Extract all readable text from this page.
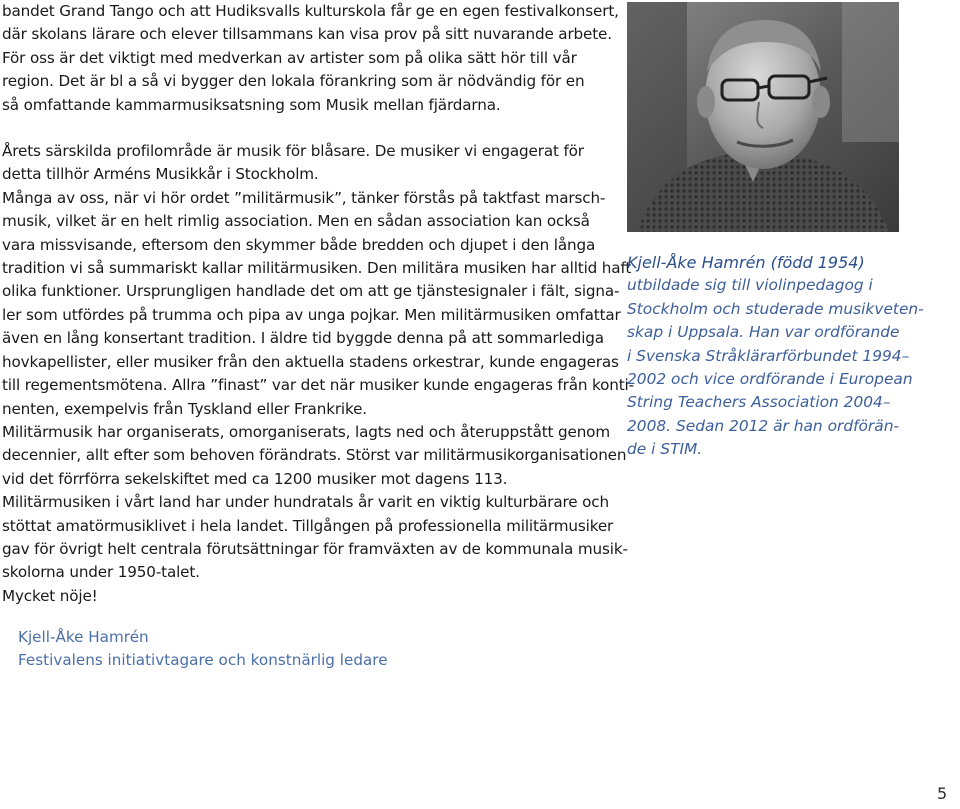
bandet Grand Tango och att Hudiksvalls kulturskola får ge en egen festivalkonsert,

där skolans lärare och elever tillsammans kan visa prov på sitt nuvarande arbete.

För oss är det viktigt med medverkan av artister som på olika sätt hör till vår

region. Det är bl a så vi bygger den lokala förankring som är nödvändig för en

så omfattande kammarmusiksatsning som Musik mellan fjärdarna.

Årets särskilda profilområde är musik för blåsare. De musiker vi engagerat för

detta tillhör Arméns Musikkår i Stockholm.

Många av oss, när vi hör ordet ”militärmusik”, tänker förstås på taktfast marsch-

musik, vilket är en helt rimlig association. Men en sådan association kan också

vara missvisande, eftersom den skymmer både bredden och djupet i den långa

tradition vi så summariskt kallar militärmusiken. Den militära musiken har alltid haft

olika funktioner. Ursprungligen handlade det om att ge tjänstesignaler i fält, signa-

ler som utfördes på trumma och pipa av unga pojkar. Men militärmusiken omfattar

även en lång konsertant tradition. I äldre tid byggde denna på att sommarlediga

hovkapellister, eller musiker från den aktuella stadens orkestrar, kunde engageras

till regementsmötena. Allra ”finast” var det när musiker kunde engageras från konti-

nenten, exempelvis från Tyskland eller Frankrike.

Militärmusik har organiserats, omorganiserats, lagts ned och återuppstått genom

decennier, allt efter som behoven förändrats. Störst var militärmusikorganisationen

vid det förrförra sekelskiftet med ca 1200 musiker mot dagens 113.

Militärmusiken i vårt land har under hundratals år varit en viktig kulturbärare och

stöttat amatörmusiklivet i hela landet. Tillgången på professionella militärmusiker

gav för övrigt helt centrala förutsättningar för framväxten av de kommunala musik-

skolorna under 1950-talet.

Mycket nöje!

Kjell-Åke Hamrén
Festivalens initiativtagare och konstnärlig ledare

Kjell-Åke Hamrén (född 1954)

utbildade sig till violinpedagog i

Stockholm och studerade musikveten-

skap i Uppsala. Han var ordförande

i Svenska Stråklärarförbundet 1994–

2002 och vice ordförande i European

String Teachers Association 2004–

2008. Sedan 2012 är han ordförän-

de i STIM.

5
